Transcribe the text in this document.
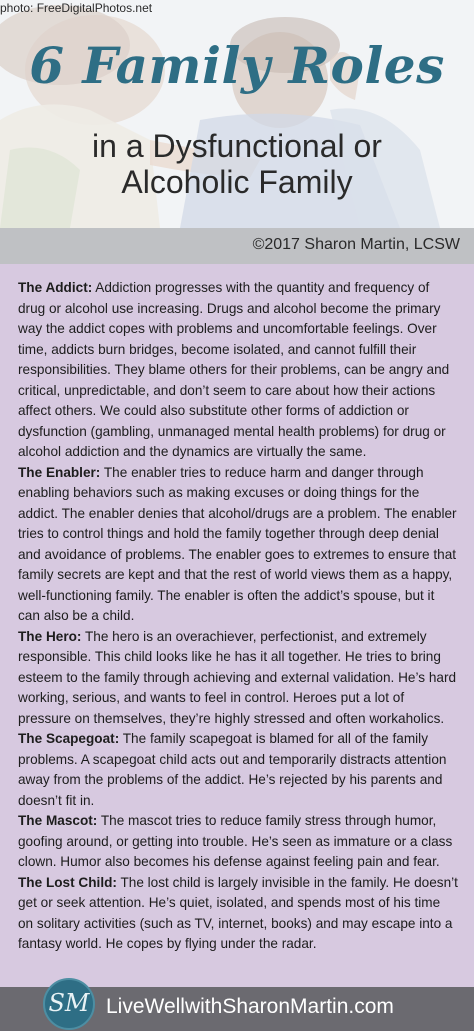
photo: FreeDigitalPhotos.net
6 Family Roles
in a Dysfunctional or
Alcoholic Family
©2017 Sharon Martin, LCSW

The Addict: Addiction progresses with the quantity and frequency of drug or alcohol use increasing. Drugs and alcohol become the primary way the addict copes with problems and uncomfortable feelings. Over time, addicts burn bridges, become isolated, and cannot fulfill their responsibilities. They blame others for their problems, can be angry and critical, unpredictable, and don’t seem to care about how their actions affect others. We could also substitute other forms of addiction or dysfunction (gambling, unmanaged mental health problems) for drug or alcohol addiction and the dynamics are virtually the same.

The Enabler: The enabler tries to reduce harm and danger through enabling behaviors such as making excuses or doing things for the addict. The enabler denies that alcohol/drugs are a problem. The enabler tries to control things and hold the family together through deep denial and avoidance of problems. The enabler goes to extremes to ensure that family secrets are kept and that the rest of world views them as a happy, well-functioning family. The enabler is often the addict’s spouse, but it can also be a child.

The Hero: The hero is an overachiever, perfectionist, and extremely responsible. This child looks like he has it all together. He tries to bring esteem to the family through achieving and external validation. He’s hard working, serious, and wants to feel in control. Heroes put a lot of pressure on themselves, they’re highly stressed and often workaholics.

The Scapegoat: The family scapegoat is blamed for all of the family problems. A scapegoat child acts out and temporarily distracts attention away from the problems of the addict. He’s rejected by his parents and doesn’t fit in.

The Mascot: The mascot tries to reduce family stress through humor, goofing around, or getting into trouble. He’s seen as immature or a class clown. Humor also becomes his defense against feeling pain and fear.

The Lost Child: The lost child is largely invisible in the family. He doesn’t get or seek attention. He’s quiet, isolated, and spends most of his time on solitary activities (such as TV, internet, books) and may escape into a fantasy world. He copes by flying under the radar.

SM LiveWellwithSharonMartin.com
